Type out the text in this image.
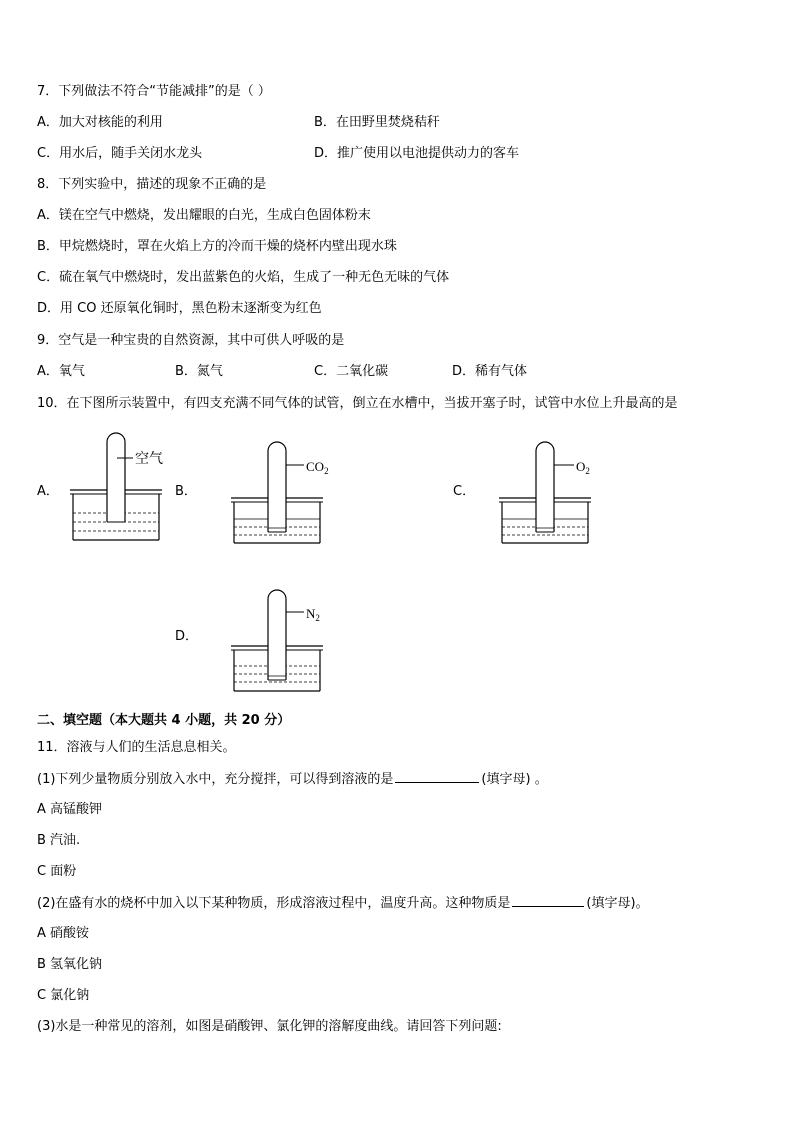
7．下列做法不符合“节能减排”的是（ ）
A．加大对核能的利用	B．在田野里焚烧秸秆
C．用水后，随手关闭水龙头	D．推广使用以电池提供动力的客车
8．下列实验中，描述的现象不正确的是
A．镁在空气中燃烧，发出耀眼的白光，生成白色固体粉末
B．甲烷燃烧时，罩在火焰上方的冷而干燥的烧杯内壁出现水珠
C．硫在氧气中燃烧时，发出蓝紫色的火焰，生成了一种无色无味的气体
D．用 CO 还原氧化铜时，黑色粉末逐渐变为红色
9．空气是一种宝贵的自然资源，其中可供人呼吸的是
A．氧气	B．氮气	C．二氧化碳	D．稀有气体
10．在下图所示装置中，有四支充满不同气体的试管，倒立在水槽中，当拔开塞子时，试管中水位上升最高的是
A．	B．	C．
D．
空气	$CO_2$	$O_2$
$N_2$
二、填空题（本大题共 4 小题，共 20 分）
11．溶液与人们的生活息息相关。
(1)下列少量物质分别放入水中，充分搅拌，可以得到溶液的是	(填字母) 。
A 高锰酸钾
B 汽油.
C 面粉
(2)在盛有水的烧杯中加入以下某种物质，形成溶液过程中，温度升高。这种物质是	(填字母)。
A 硝酸铵
B 氢氧化钠
C 氯化钠
(3)水是一种常见的溶剂，如图是硝酸钾、氯化钾的溶解度曲线。请回答下列问题:
